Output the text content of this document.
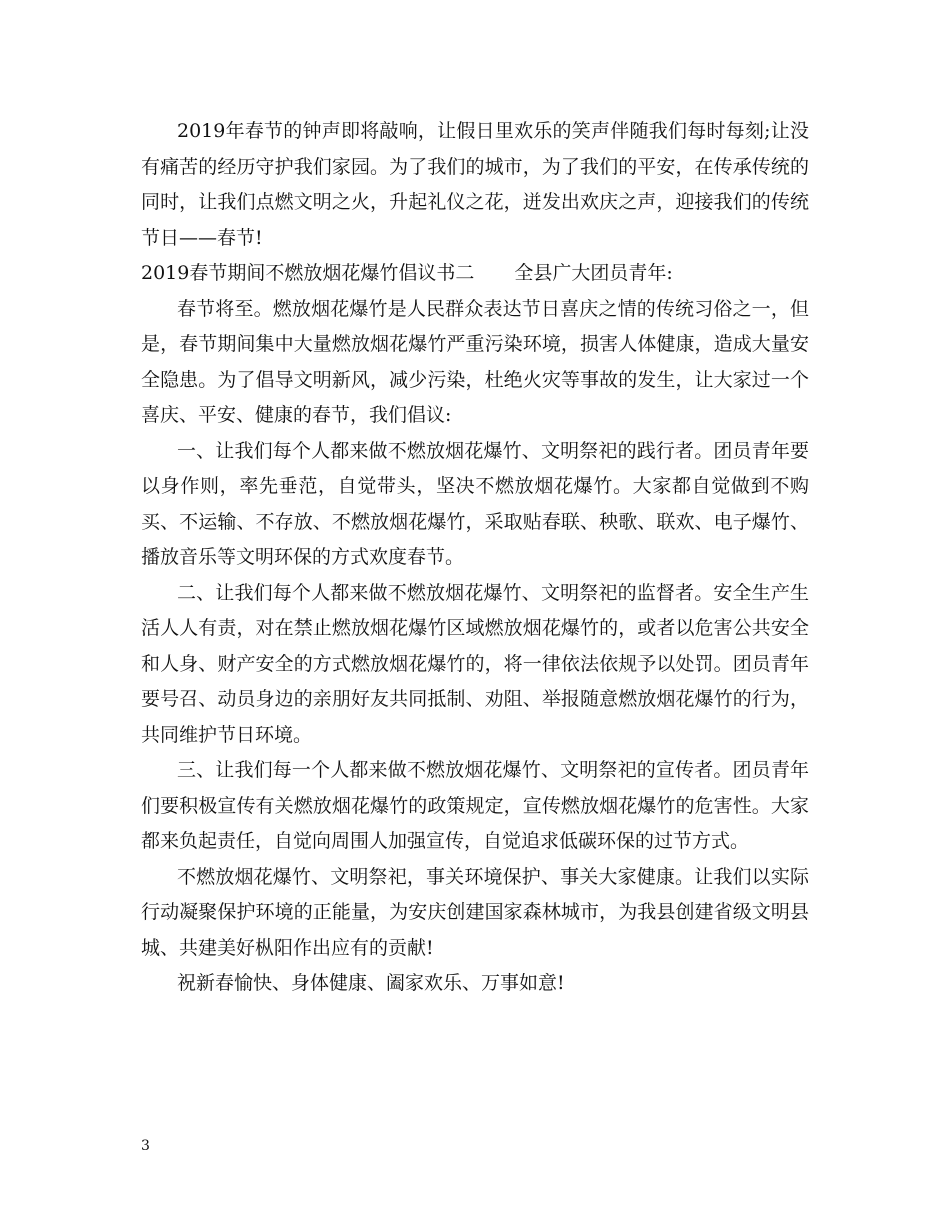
2019年春节的钟声即将敲响，让假日里欢乐的笑声伴随我们每时每刻;让没有痛苦的经历守护我们家园。为了我们的城市，为了我们的平安，在传承传统的同时，让我们点燃文明之火，升起礼仪之花，迸发出欢庆之声，迎接我们的传统节日——春节!

2019春节期间不燃放烟花爆竹倡议书二 全县广大团员青年:

春节将至。燃放烟花爆竹是人民群众表达节日喜庆之情的传统习俗之一，但是，春节期间集中大量燃放烟花爆竹严重污染环境，损害人体健康，造成大量安全隐患。为了倡导文明新风，减少污染，杜绝火灾等事故的发生，让大家过一个喜庆、平安、健康的春节，我们倡议:

一、让我们每个人都来做不燃放烟花爆竹、文明祭祀的践行者。团员青年要以身作则，率先垂范，自觉带头，坚决不燃放烟花爆竹。大家都自觉做到不购买、不运输、不存放、不燃放烟花爆竹，采取贴春联、秧歌、联欢、电子爆竹、播放音乐等文明环保的方式欢度春节。

二、让我们每个人都来做不燃放烟花爆竹、文明祭祀的监督者。安全生产生活人人有责，对在禁止燃放烟花爆竹区域燃放烟花爆竹的，或者以危害公共安全和人身、财产安全的方式燃放烟花爆竹的，将一律依法依规予以处罚。团员青年要号召、动员身边的亲朋好友共同抵制、劝阻、举报随意燃放烟花爆竹的行为，共同维护节日环境。

三、让我们每一个人都来做不燃放烟花爆竹、文明祭祀的宣传者。团员青年们要积极宣传有关燃放烟花爆竹的政策规定，宣传燃放烟花爆竹的危害性。大家都来负起责任，自觉向周围人加强宣传，自觉追求低碳环保的过节方式。

不燃放烟花爆竹、文明祭祀，事关环境保护、事关大家健康。让我们以实际行动凝聚保护环境的正能量，为安庆创建国家森林城市，为我县创建省级文明县城、共建美好枞阳作出应有的贡献!

祝新春愉快、身体健康、阖家欢乐、万事如意!

3
